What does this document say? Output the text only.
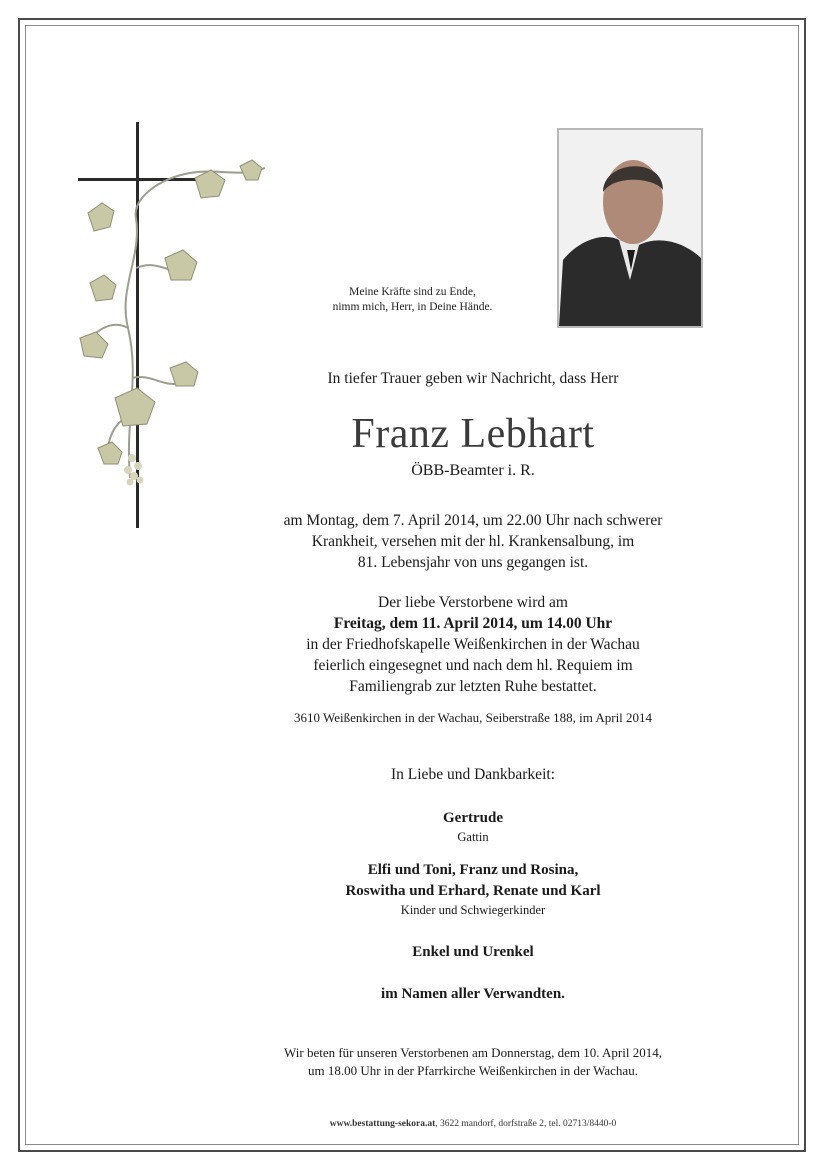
Meine Kräfte sind zu Ende,
nimm mich, Herr, in Deine Hände.
In tiefer Trauer geben wir Nachricht, dass Herr
Franz Lebhart
ÖBB-Beamter i. R.
am Montag, dem 7. April 2014, um 22.00 Uhr nach schwerer
Krankheit, versehen mit der hl. Krankensalbung, im
81. Lebensjahr von uns gegangen ist.
Der liebe Verstorbene wird am
Freitag, dem 11. April 2014, um 14.00 Uhr
in der Friedhofskapelle Weißenkirchen in der Wachau
feierlich eingesegnet und nach dem hl. Requiem im
Familiengrab zur letzten Ruhe bestattet.
3610 Weißenkirchen in der Wachau, Seiberstraße 188, im April 2014
In Liebe und Dankbarkeit:
Gertrude
Gattin
Elfi und Toni, Franz und Rosina,
Roswitha und Erhard, Renate und Karl
Kinder und Schwiegerkinder
Enkel und Urenkel
im Namen aller Verwandten.
Wir beten für unseren Verstorbenen am Donnerstag, dem 10. April 2014,
um 18.00 Uhr in der Pfarrkirche Weißenkirchen in der Wachau.
www.bestattung-sekora.at, 3622 mandorf, dorfstraße 2, tel. 02713/8440-0
